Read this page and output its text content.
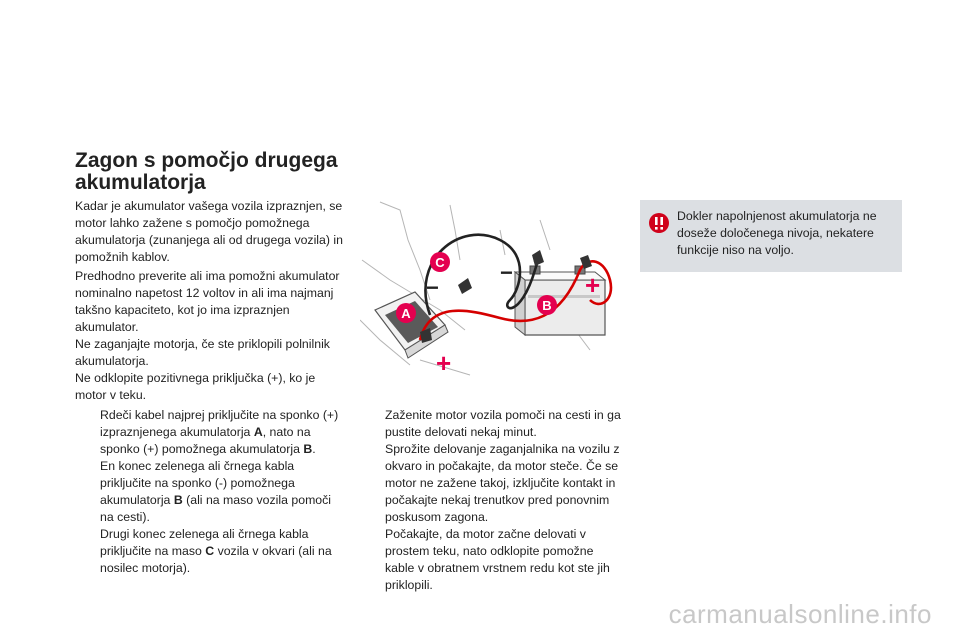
Zagon s pomočjo drugega akumulatorja

Kadar je akumulator vašega vozila izpraznjen, se motor lahko zažene s pomočjo pomožnega akumulatorja (zunanjega ali od drugega vozila) in pomožnih kablov.

Predhodno preverite ali ima pomožni akumulator nominalno napetost 12 voltov in ali ima najmanj takšno kapaciteto, kot jo ima izpraznjen akumulator.
Ne zaganjajte motorja, če ste priklopili polnilnik akumulatorja.
Ne odklopite pozitivnega priključka (+), ko je motor v teku.

Rdeči kabel najprej priključite na sponko (+) izpraznjenega akumulatorja A, nato na sponko (+) pomožnega akumulatorja B.
En konec zelenega ali črnega kabla priključite na sponko (-) pomožnega akumulatorja B (ali na maso vozila pomoči na cesti).
Drugi konec zelenega ali črnega kabla priključite na maso C vozila v okvari (ali na nosilec motorja).
Zaženite motor vozila pomoči na cesti in ga pustite delovati nekaj minut.
Sprožite delovanje zaganjalnika na vozilu z okvaro in počakajte, da motor steče. Če se motor ne zažene takoj, izključite kontakt in počakajte nekaj trenutkov pred ponovnim poskusom zagona.
Počakajte, da motor začne delovati v prostem teku, nato odklopite pomožne kable v obratnem vrstnem redu kot ste jih priklopili.
−
−	+
+
C
B
A
Dokler napolnjenost akumulatorja ne doseže določenega nivoja, nekatere funkcije niso na voljo.
carmanualsonline.info
